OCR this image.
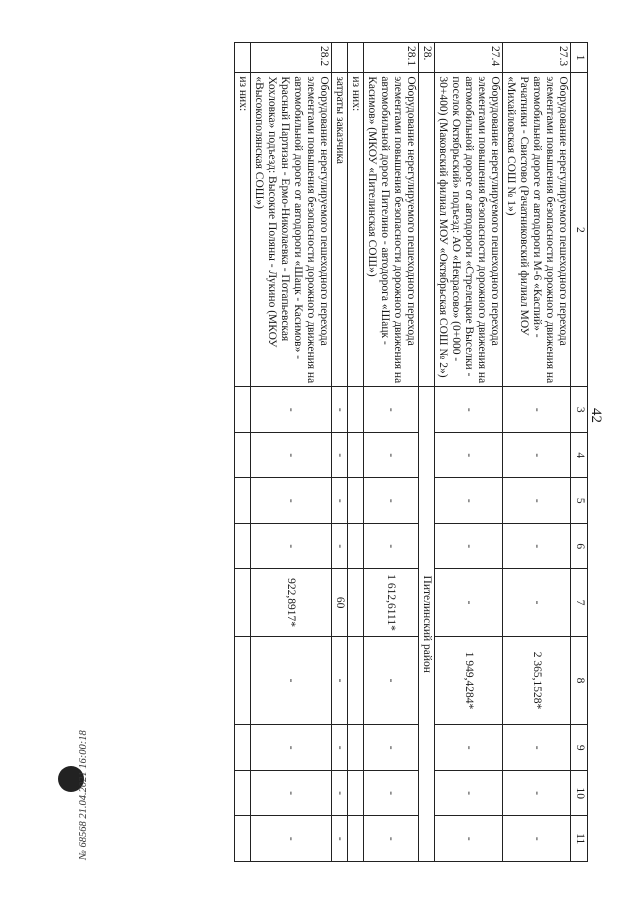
42
1	2	3	4	5	6	7	8	9	10	11
27.3	Оборудование нерегулируемого пешеходного перехода элементами повышения безопасности дорожного движения на автомобильной дороге от автодороги М-6 «Каспий» - Рачатники - Свистово (Рачатниковский филиал МОУ «Михайловская СОШ № 1»)	-	-	-	-	-	2 365,1528*	-	-	-
27.4	Оборудование нерегулируемого пешеходного перехода элементами повышения безопасности дорожного движения на автомобильной дороге от автодороги «Стрелецкие Выселки - поселок Октябрьский» подъезд: АО «Некрасово» (0+000 - 30+400) (Маковский филиал МОУ «Октябрьская СОШ № 2»)	-	-	-	-	-	1 949,4284*	-	-	-
28.		Пителинский район								
28.1	Оборудование нерегулируемого пешеходного перехода элементами повышения безопасности дорожного движения на автомобильной дороге Пителино - автодорога «Шацк - Касимов» (МКОУ «Пителинская СОШ»)	-	-	-	-	1 612,6111*	-	-	-	-
	из них:									
	затраты заказчика	-	-	-	-	60	-	-	-	-
28.2	Оборудование нерегулируемого пешеходного перехода элементами повышения безопасности дорожного движения на автомобильной дороге от автодороги «Шацк - Касимов» - Красный Партизан - Ермо-Николаевка - Потапьевская Хохловка» подъезд: Высокие Поляны - Лукино (МКОУ «Высокополянская СОШ»)	-	-	-	-	922,8917*	-	-	-	-
	из них:									
№ 68568 21.04.2021 16:00:18
